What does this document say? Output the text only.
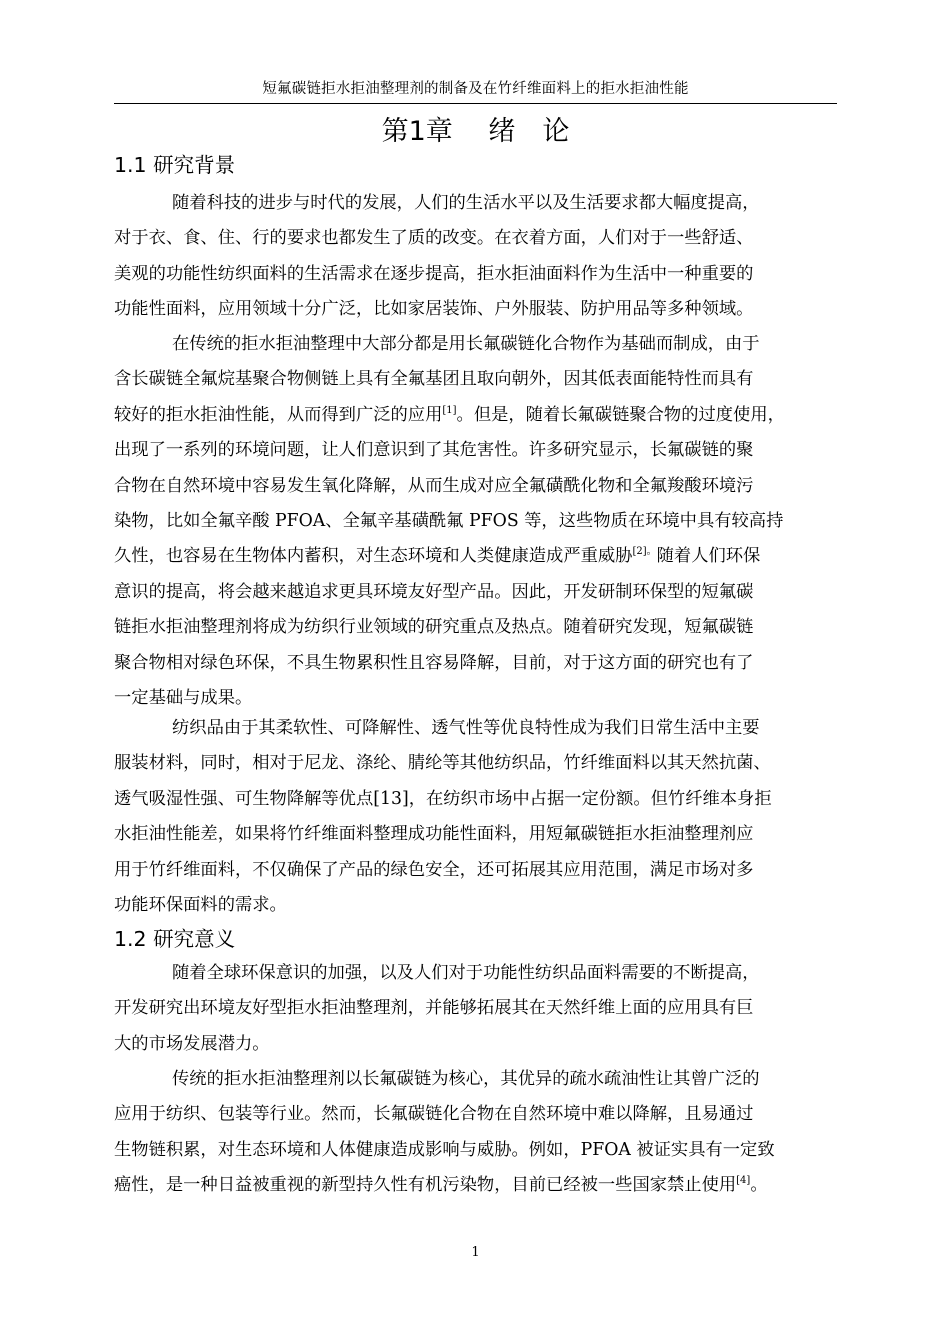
短氟碳链拒水拒油整理剂的制备及在竹纤维面料上的拒水拒油性能
第1章　 绪　论
1.1 研究背景

随着科技的进步与时代的发展，人们的生活水平以及生活要求都大幅度提高，
对于衣、食、住、行的要求也都发生了质的改变。在衣着方面，人们对于一些舒适、
美观的功能性纺织面料的生活需求在逐步提高，拒水拒油面料作为生活中一种重要的
功能性面料，应用领域十分广泛，比如家居装饰、户外服装、防护用品等多种领域。

在传统的拒水拒油整理中大部分都是用长氟碳链化合物作为基础而制成，由于
含长碳链全氟烷基聚合物侧链上具有全氟基团且取向朝外，因其低表面能特性而具有
较好的拒水拒油性能，从而得到广泛的应用[1]。但是，随着长氟碳链聚合物的过度使用，
出现了一系列的环境问题，让人们意识到了其危害性。许多研究显示，长氟碳链的聚
合物在自然环境中容易发生氧化降解，从而生成对应全氟磺酰化物和全氟羧酸环境污
染物，比如全氟辛酸 PFOA、全氟辛基磺酰氟 PFOS 等，这些物质在环境中具有较高持
久性，也容易在生物体内蓄积，对生态环境和人类健康造成严重威胁$^{[2]。}$随着人们环保
意识的提高，将会越来越追求更具环境友好型产品。因此，开发研制环保型的短氟碳
链拒水拒油整理剂将成为纺织行业领域的研究重点及热点。随着研究发现，短氟碳链
聚合物相对绿色环保，不具生物累积性且容易降解，目前，对于这方面的研究也有了
一定基础与成果。

纺织品由于其柔软性、可降解性、透气性等优良特性成为我们日常生活中主要
服装材料，同时，相对于尼龙、涤纶、腈纶等其他纺织品，竹纤维面料以其天然抗菌、
透气吸湿性强、可生物降解等优点[13]，在纺织市场中占据一定份额。但竹纤维本身拒
水拒油性能差，如果将竹纤维面料整理成功能性面料，用短氟碳链拒水拒油整理剂应
用于竹纤维面料，不仅确保了产品的绿色安全，还可拓展其应用范围，满足市场对多
功能环保面料的需求。

1.2 研究意义

随着全球环保意识的加强，以及人们对于功能性纺织品面料需要的不断提高，
开发研究出环境友好型拒水拒油整理剂，并能够拓展其在天然纤维上面的应用具有巨
大的市场发展潜力。

传统的拒水拒油整理剂以长氟碳链为核心，其优异的疏水疏油性让其曾广泛的
应用于纺织、包装等行业。然而，长氟碳链化合物在自然环境中难以降解，且易通过
生物链积累，对生态环境和人体健康造成影响与威胁。例如，PFOA 被证实具有一定致
癌性，是一种日益被重视的新型持久性有机污染物，目前已经被一些国家禁止使用[4]。

1
